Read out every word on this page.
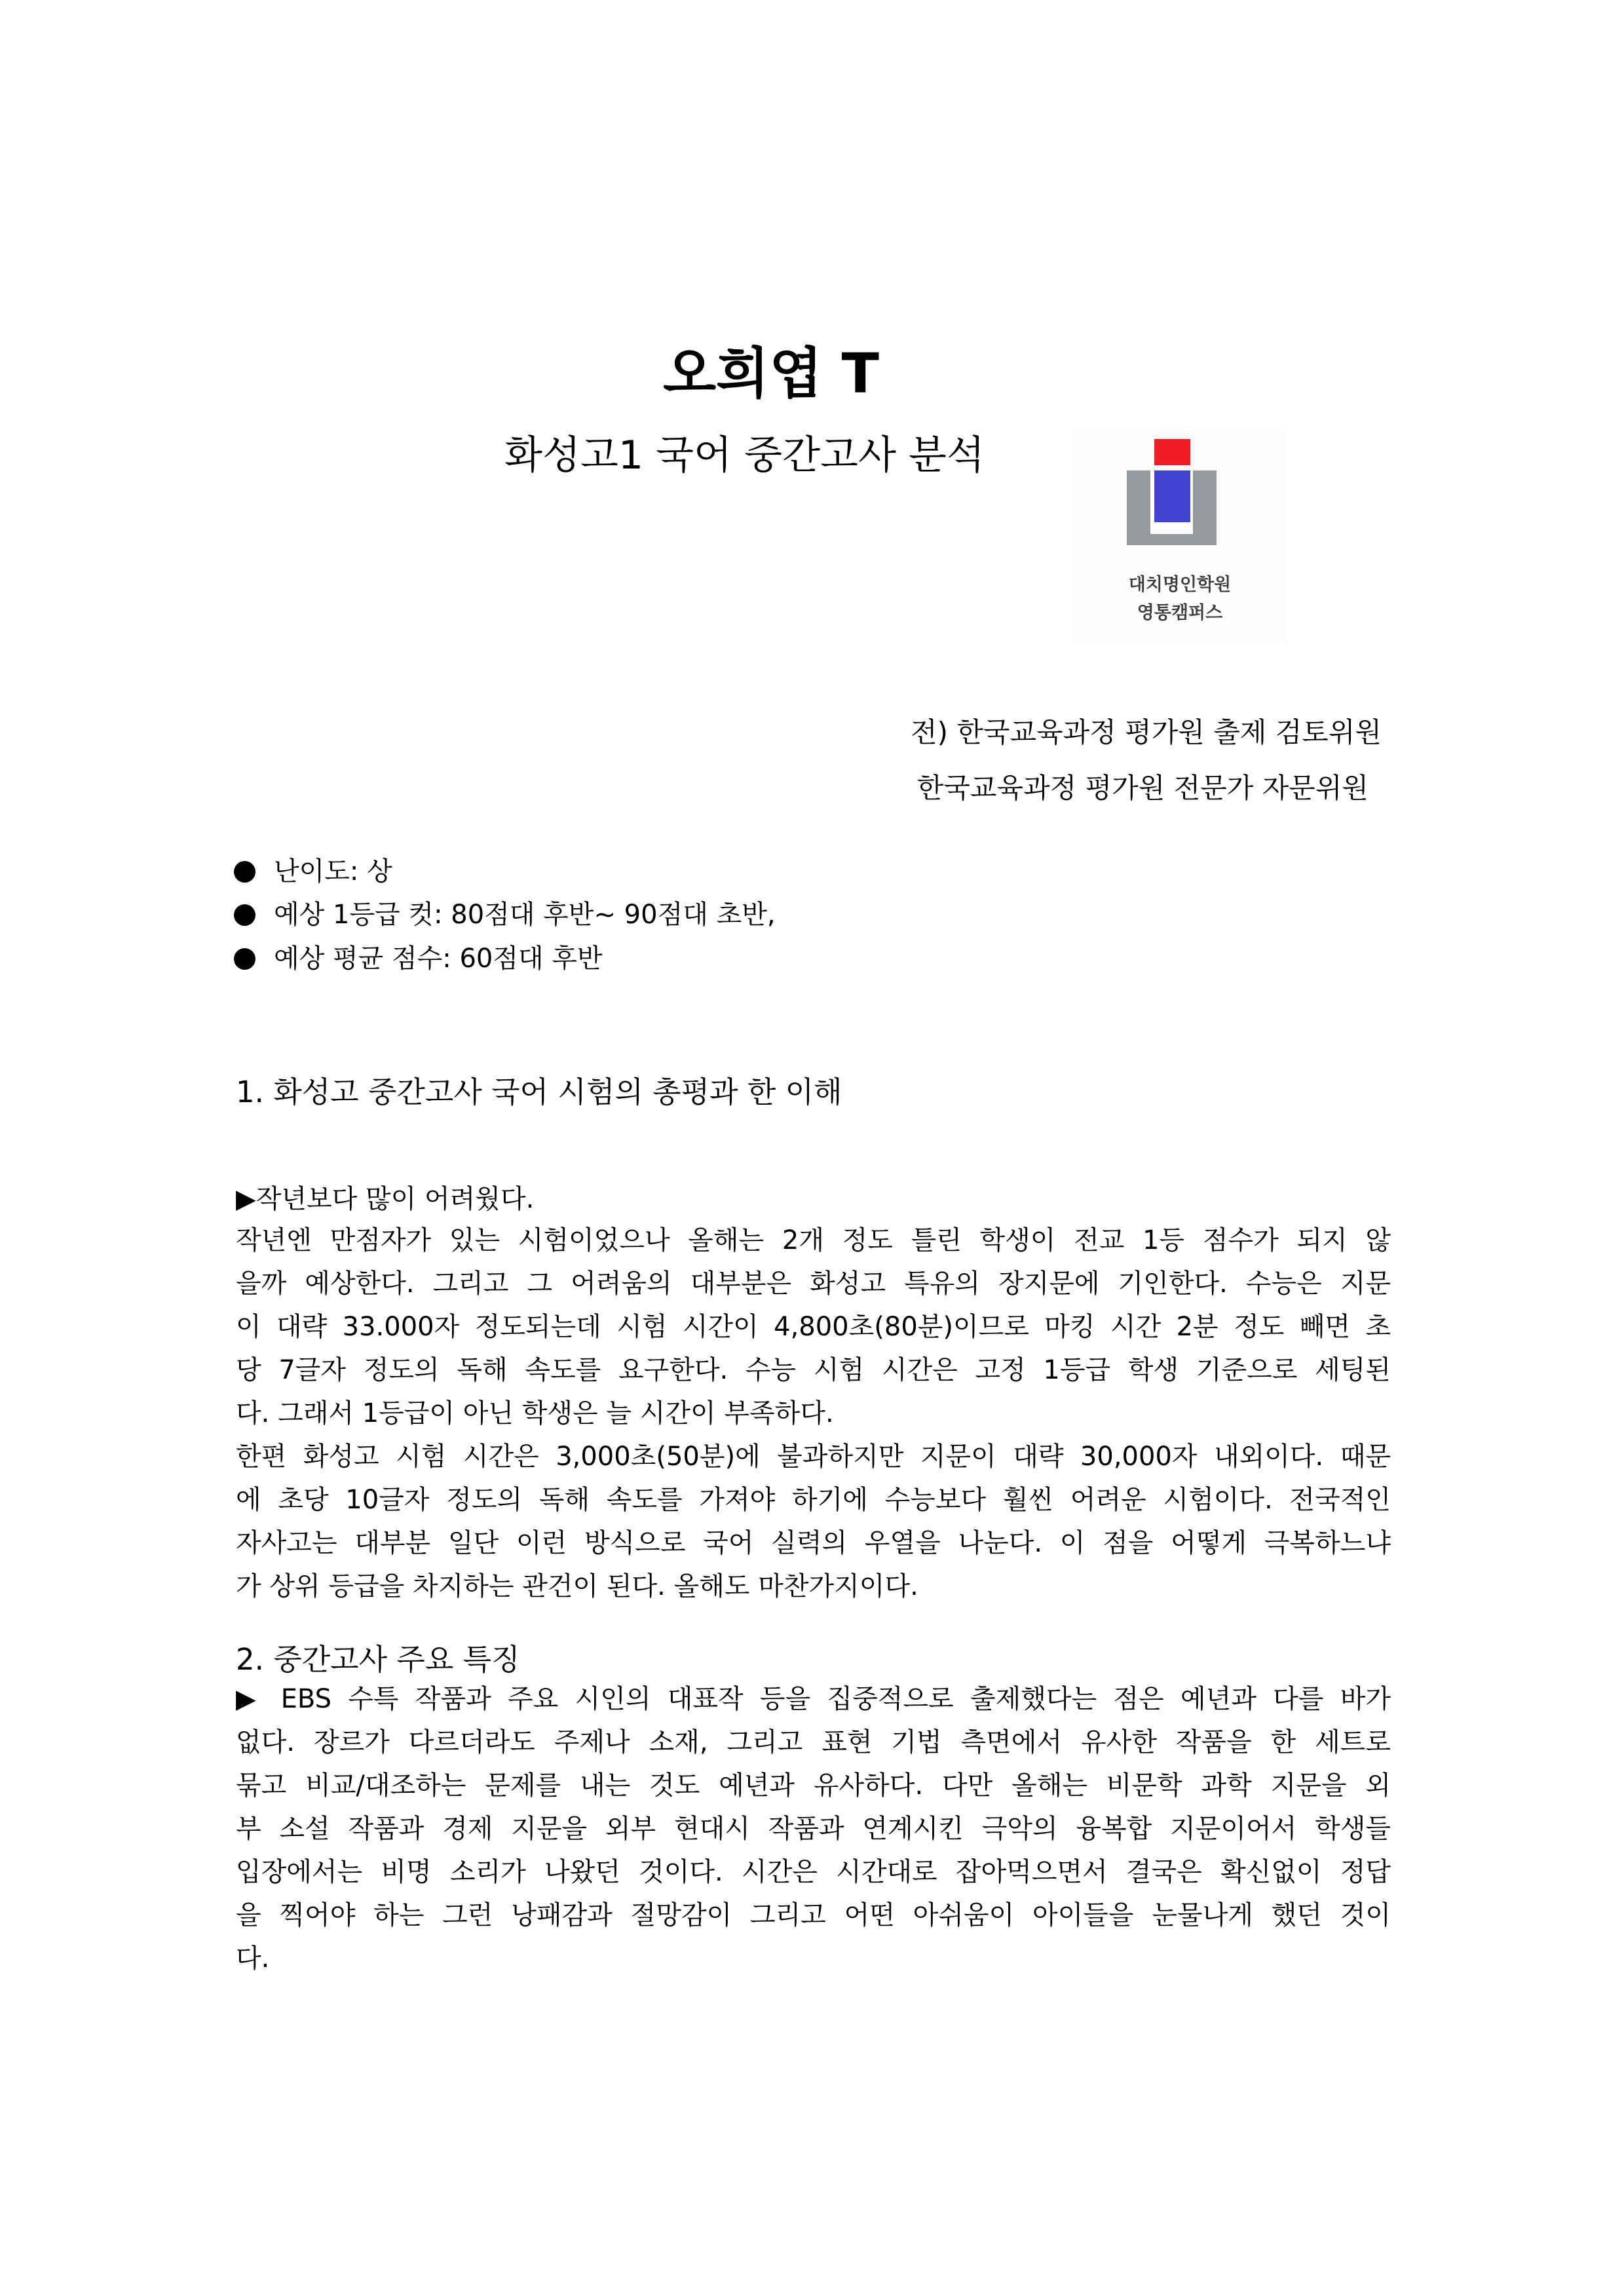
오희엽 T
화성고1 국어 중간고사 분석
대치명인학원
영통캠퍼스
전) 한국교육과정 평가원 출제 검토위원
한국교육과정 평가원 전문가 자문위원
난이도: 상
예상 1등급 컷: 80점대 후반~ 90점대 초반,
예상 평균 점수: 60점대 후반
1. 화성고 중간고사 국어 시험의 총평과 한 이해
▶작년보다 많이 어려웠다.
작년엔 만점자가 있는 시험이었으나 올해는 2개 정도 틀린 학생이 전교 1등 점수가 되지 않
을까 예상한다. 그리고 그 어려움의 대부분은 화성고 특유의 장지문에 기인한다. 수능은 지문
이 대략 33.000자 정도되는데 시험 시간이 4,800초(80분)이므로 마킹 시간 2분 정도 빼면 초
당 7글자 정도의 독해 속도를 요구한다. 수능 시험 시간은 고정 1등급 학생 기준으로 세팅된
다. 그래서 1등급이 아닌 학생은 늘 시간이 부족하다.
한편 화성고 시험 시간은 3,000초(50분)에 불과하지만 지문이 대략 30,000자 내외이다. 때문
에 초당 10글자 정도의 독해 속도를 가져야 하기에 수능보다 훨씬 어려운 시험이다. 전국적인
자사고는 대부분 일단 이런 방식으로 국어 실력의 우열을 나눈다. 이 점을 어떻게 극복하느냐
가 상위 등급을 차지하는 관건이 된다. 올해도 마찬가지이다.
2. 중간고사 주요 특징
▶ EBS 수특 작품과 주요 시인의 대표작 등을 집중적으로 출제했다는 점은 예년과 다를 바가
없다. 장르가 다르더라도 주제나 소재, 그리고 표현 기법 측면에서 유사한 작품을 한 세트로
묶고 비교/대조하는 문제를 내는 것도 예년과 유사하다. 다만 올해는 비문학 과학 지문을 외
부 소설 작품과 경제 지문을 외부 현대시 작품과 연계시킨 극악의 융복합 지문이어서 학생들
입장에서는 비명 소리가 나왔던 것이다. 시간은 시간대로 잡아먹으면서 결국은 확신없이 정답
을 찍어야 하는 그런 낭패감과 절망감이 그리고 어떤 아쉬움이 아이들을 눈물나게 했던 것이
다.
